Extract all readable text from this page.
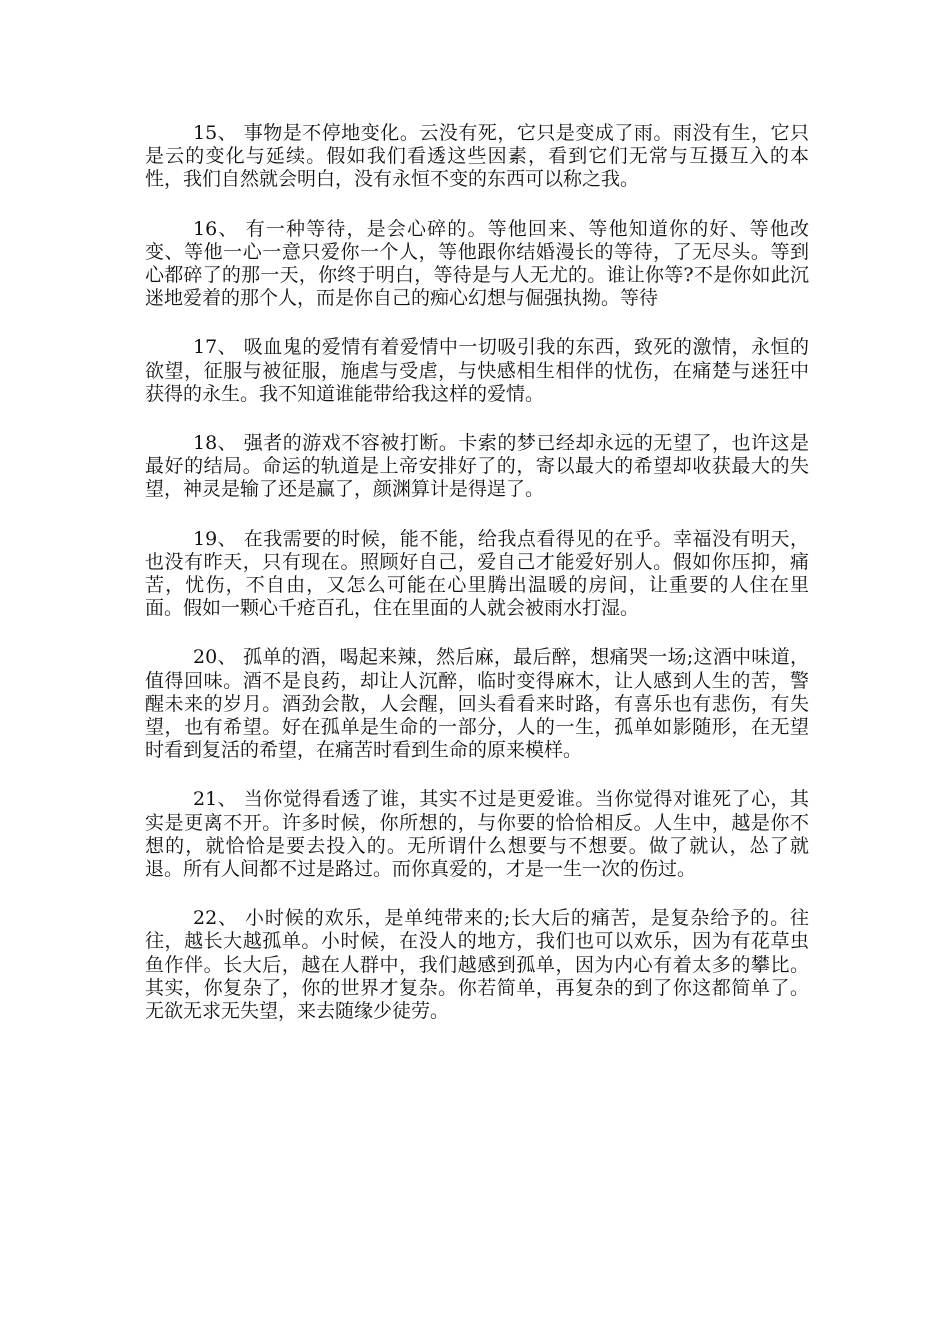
15、 事物是不停地变化。云没有死，它只是变成了雨。雨没有生，它只是云的变化与延续。假如我们看透这些因素，看到它们无常与互摄互入的本性，我们自然就会明白，没有永恒不变的东西可以称之我。

16、 有一种等待，是会心碎的。等他回来、等他知道你的好、等他改变、等他一心一意只爱你一个人，等他跟你结婚漫长的等待，了无尽头。等到心都碎了的那一天，你终于明白，等待是与人无尤的。谁让你等?不是你如此沉迷地爱着的那个人，而是你自己的痴心幻想与倔强执拗。等待

17、 吸血鬼的爱情有着爱情中一切吸引我的东西，致死的激情，永恒的欲望，征服与被征服，施虐与受虐，与快感相生相伴的忧伤，在痛楚与迷狂中获得的永生。我不知道谁能带给我这样的爱情。

18、 强者的游戏不容被打断。卡索的梦已经却永远的无望了，也许这是最好的结局。命运的轨道是上帝安排好了的，寄以最大的希望却收获最大的失望，神灵是输了还是赢了，颜渊算计是得逞了。

19、 在我需要的时候，能不能，给我点看得见的在乎。幸福没有明天，也没有昨天，只有现在。照顾好自己，爱自己才能爱好别人。假如你压抑，痛苦，忧伤，不自由，又怎么可能在心里腾出温暖的房间，让重要的人住在里面。假如一颗心千疮百孔，住在里面的人就会被雨水打湿。

20、 孤单的酒，喝起来辣，然后麻，最后醉，想痛哭一场;这酒中味道，值得回味。酒不是良药，却让人沉醉，临时变得麻木，让人感到人生的苦，警醒未来的岁月。酒劲会散，人会醒，回头看看来时路，有喜乐也有悲伤，有失望，也有希望。好在孤单是生命的一部分，人的一生，孤单如影随形，在无望时看到复活的希望，在痛苦时看到生命的原来模样。

21、 当你觉得看透了谁，其实不过是更爱谁。当你觉得对谁死了心，其实是更离不开。许多时候，你所想的，与你要的恰恰相反。人生中，越是你不想的，就恰恰是要去投入的。无所谓什么想要与不想要。做了就认，怂了就退。所有人间都不过是路过。而你真爱的，才是一生一次的伤过。

22、 小时候的欢乐，是单纯带来的;长大后的痛苦，是复杂给予的。往往，越长大越孤单。小时候，在没人的地方，我们也可以欢乐，因为有花草虫鱼作伴。长大后，越在人群中，我们越感到孤单，因为内心有着太多的攀比。其实，你复杂了，你的世界才复杂。你若简单，再复杂的到了你这都简单了。无欲无求无失望，来去随缘少徒劳。
